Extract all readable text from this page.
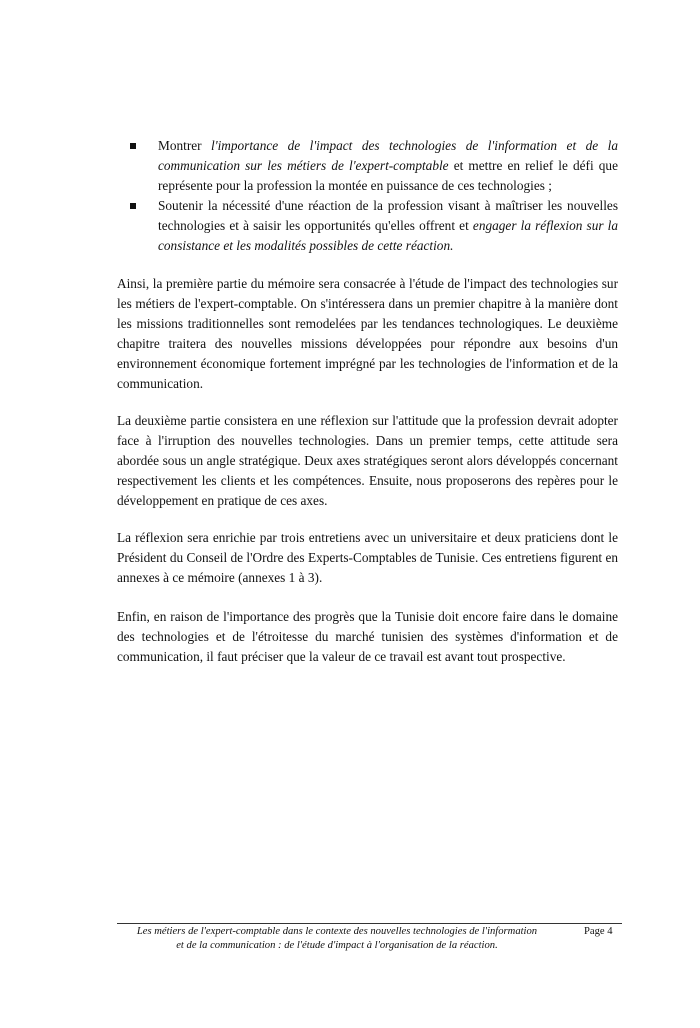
Montrer l'importance de l'impact des technologies de l'information et de la communication sur les métiers de l'expert-comptable et mettre en relief le défi que représente pour la profession la montée en puissance de ces technologies ;
Soutenir la nécessité d'une réaction de la profession visant à maîtriser les nouvelles technologies et à saisir les opportunités qu'elles offrent et engager la réflexion sur la consistance et les modalités possibles de cette réaction.

Ainsi, la première partie du mémoire sera consacrée à l'étude de l'impact des technologies sur les métiers de l'expert-comptable. On s'intéressera dans un premier chapitre à la manière dont les missions traditionnelles sont remodelées par les tendances technologiques. Le deuxième chapitre traitera des nouvelles missions développées pour répondre aux besoins d'un environnement économique fortement imprégné par les technologies de l'information et de la communication.

La deuxième partie consistera en une réflexion sur l'attitude que la profession devrait adopter face à l'irruption des nouvelles technologies. Dans un premier temps, cette attitude sera abordée sous un angle stratégique. Deux axes stratégiques seront alors développés concernant respectivement les clients et les compétences. Ensuite, nous proposerons des repères pour le développement en pratique de ces axes.

La réflexion sera enrichie par trois entretiens avec un universitaire et deux praticiens dont le Président du Conseil de l'Ordre des Experts-Comptables de Tunisie. Ces entretiens figurent en annexes à ce mémoire (annexes 1 à 3).

Enfin, en raison de l'importance des progrès que la Tunisie doit encore faire dans le domaine des technologies et de l'étroitesse du marché tunisien des systèmes d'information et de communication, il faut préciser que la valeur de ce travail est avant tout prospective.

Les métiers de l'expert-comptable dans le contexte des nouvelles technologies de l'information
et de la communication : de l'étude d'impact à l'organisation de la réaction.
Page 4
